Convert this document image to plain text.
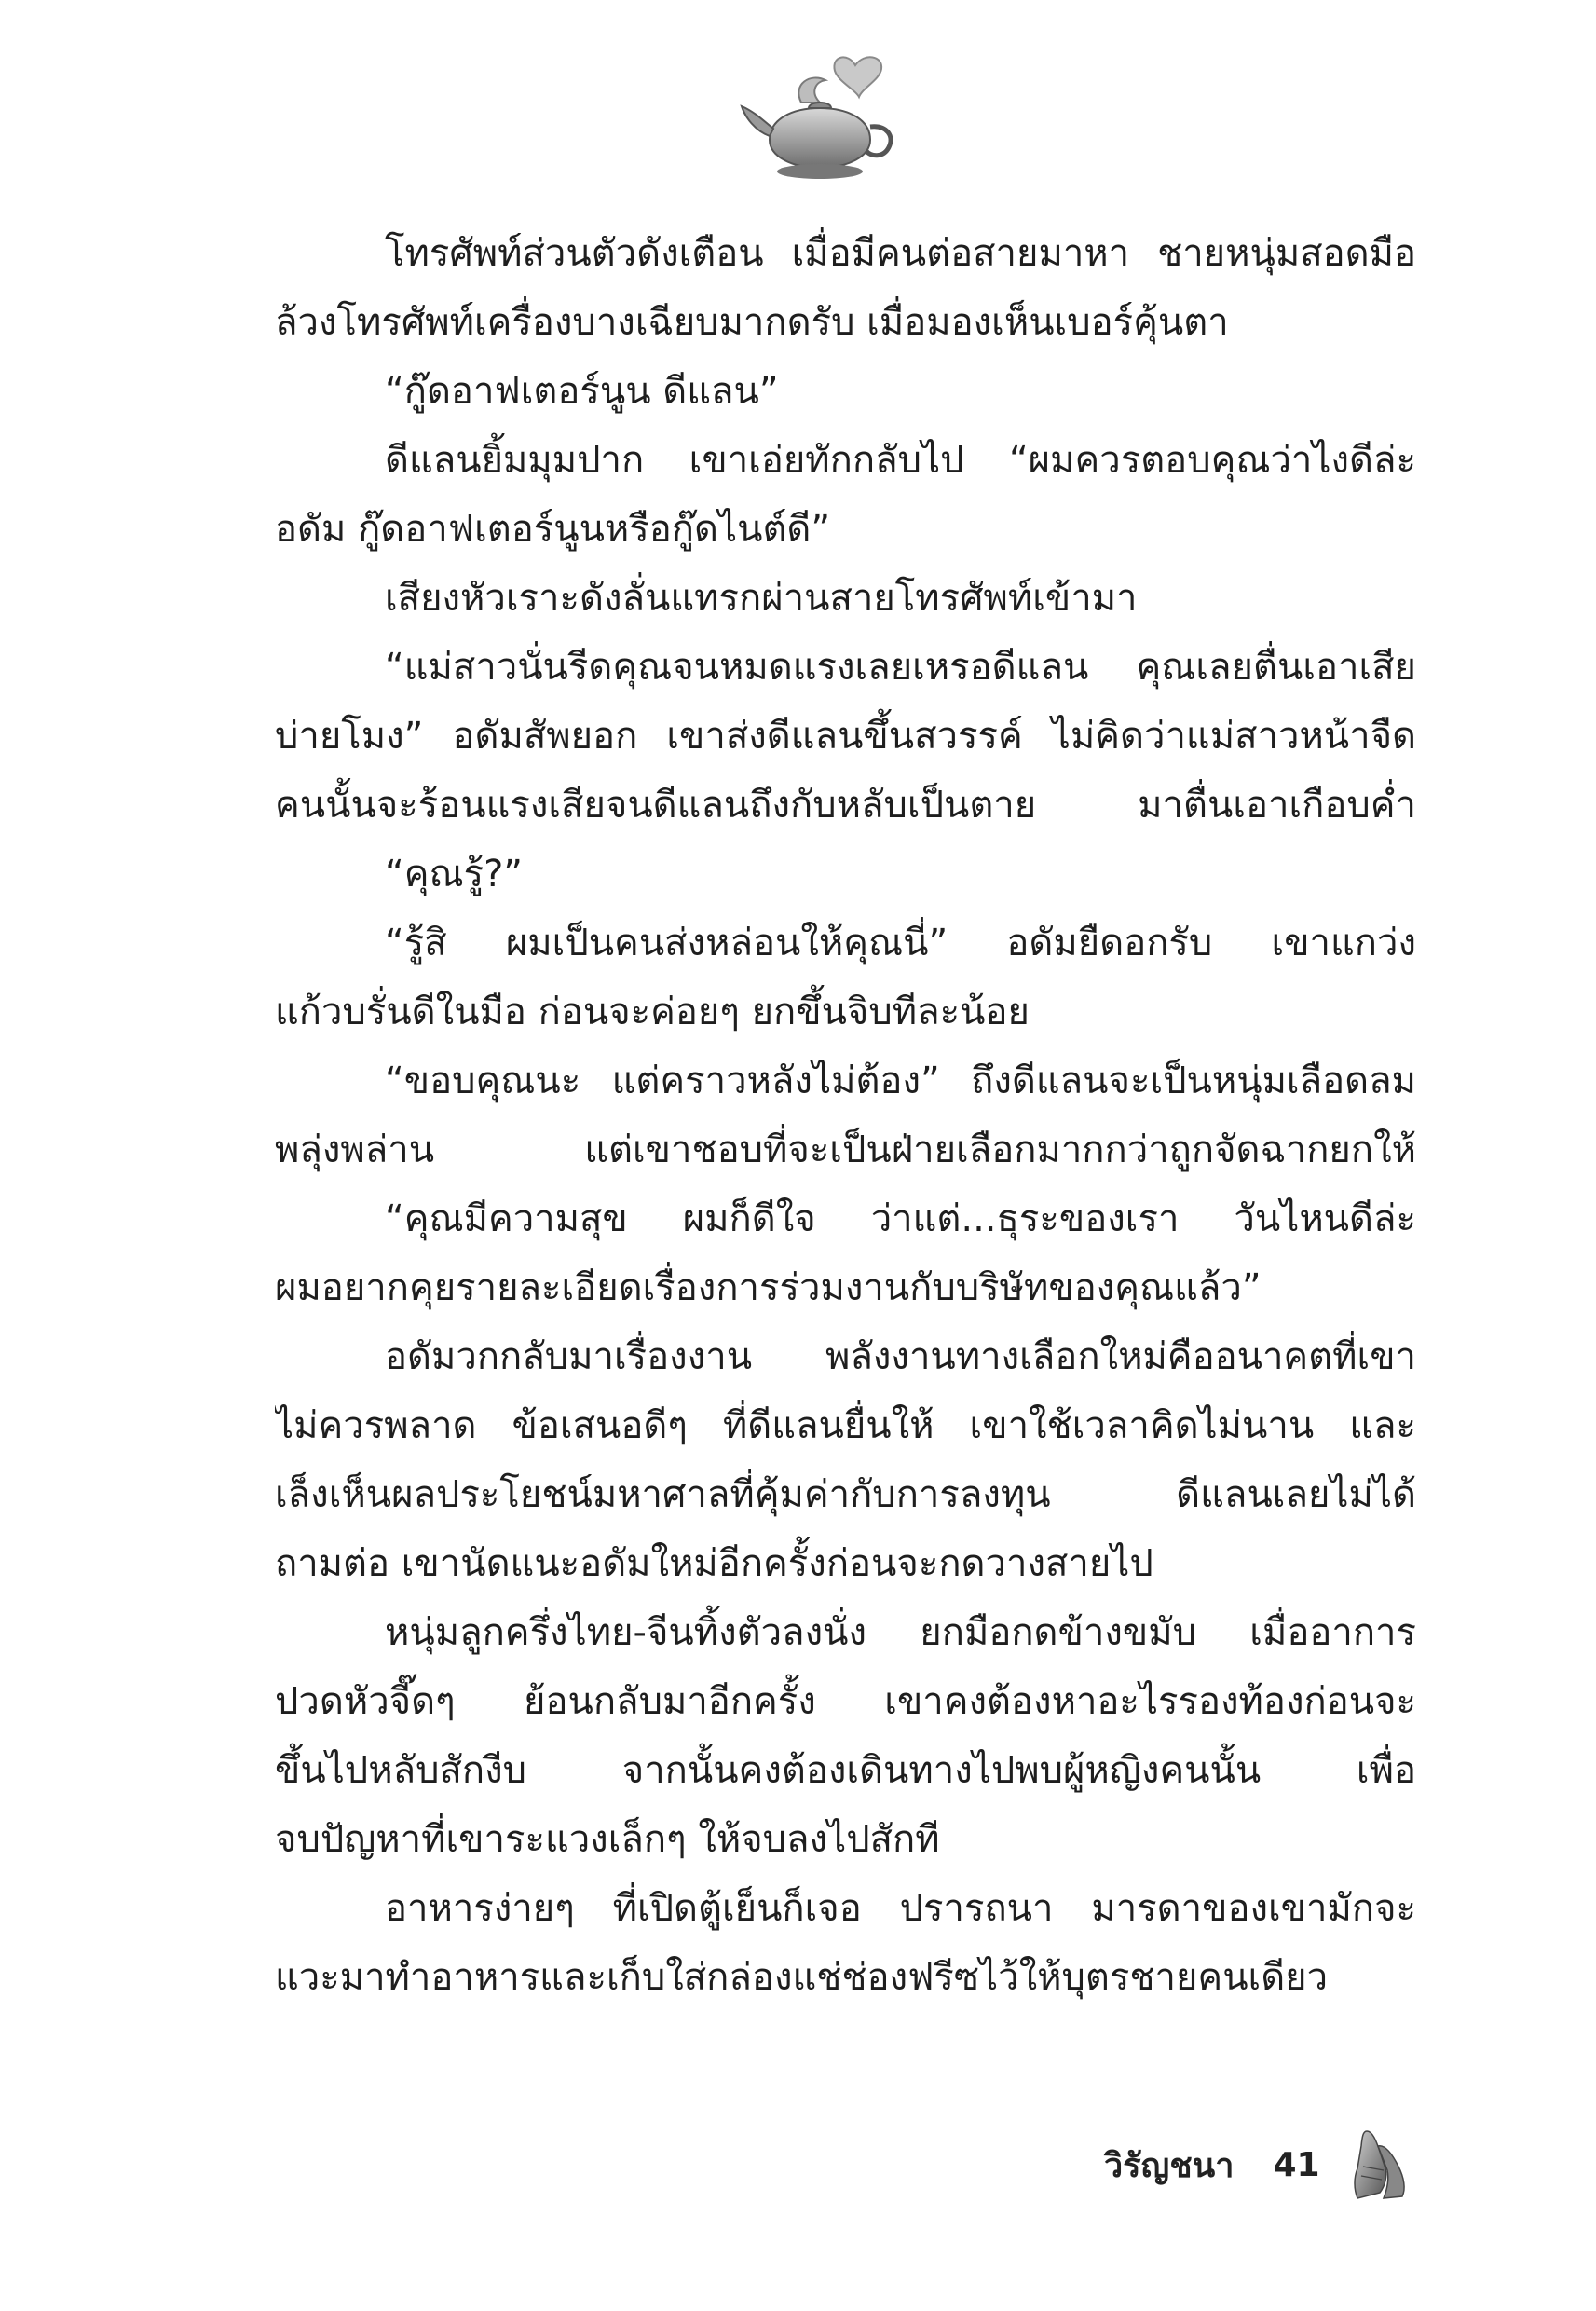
โทรศัพท์ส่วนตัวดังเตือน เมื่อมีคนต่อสายมาหา ชายหนุ่มสอดมือ
ล้วงโทรศัพท์เครื่องบางเฉียบมากดรับ เมื่อมองเห็นเบอร์คุ้นตา
“กู๊ดอาฟเตอร์นูน ดีแลน”
ดีแลนยิ้มมุมปาก เขาเอ่ยทักกลับไป “ผมควรตอบคุณว่าไงดีล่ะ
อดัม กู๊ดอาฟเตอร์นูนหรือกู๊ดไนต์ดี”
เสียงหัวเราะดังลั่นแทรกผ่านสายโทรศัพท์เข้ามา
“แม่สาวนั่นรีดคุณจนหมดแรงเลยเหรอดีแลน คุณเลยตื่นเอาเสีย
บ่ายโมง” อดัมสัพยอก เขาส่งดีแลนขึ้นสวรรค์ ไม่คิดว่าแม่สาวหน้าจืด
คนนั้นจะร้อนแรงเสียจนดีแลนถึงกับหลับเป็นตาย มาตื่นเอาเกือบค่ำ
“คุณรู้?”
“รู้สิ ผมเป็นคนส่งหล่อนให้คุณนี่” อดัมยืดอกรับ เขาแกว่ง
แก้วบรั่นดีในมือ ก่อนจะค่อยๆ ยกขึ้นจิบทีละน้อย
“ขอบคุณนะ แต่คราวหลังไม่ต้อง” ถึงดีแลนจะเป็นหนุ่มเลือดลม
พลุ่งพล่าน แต่เขาชอบที่จะเป็นฝ่ายเลือกมากกว่าถูกจัดฉากยกให้
“คุณมีความสุข ผมก็ดีใจ ว่าแต่...ธุระของเรา วันไหนดีล่ะ
ผมอยากคุยรายละเอียดเรื่องการร่วมงานกับบริษัทของคุณแล้ว”
อดัมวกกลับมาเรื่องงาน พลังงานทางเลือกใหม่คืออนาคตที่เขา
ไม่ควรพลาด ข้อเสนอดีๆ ที่ดีแลนยื่นให้ เขาใช้เวลาคิดไม่นาน และ
เล็งเห็นผลประโยชน์มหาศาลที่คุ้มค่ากับการลงทุน ดีแลนเลยไม่ได้
ถามต่อ เขานัดแนะอดัมใหม่อีกครั้งก่อนจะกดวางสายไป
หนุ่มลูกครึ่งไทย-จีนทิ้งตัวลงนั่ง ยกมือกดข้างขมับ เมื่ออาการ
ปวดหัวจี๊ดๆ ย้อนกลับมาอีกครั้ง เขาคงต้องหาอะไรรองท้องก่อนจะ
ขึ้นไปหลับสักงีบ จากนั้นคงต้องเดินทางไปพบผู้หญิงคนนั้น เพื่อ
จบปัญหาที่เขาระแวงเล็กๆ ให้จบลงไปสักที
อาหารง่ายๆ ที่เปิดตู้เย็นก็เจอ ปรารถนา มารดาของเขามักจะ
แวะมาทำอาหารและเก็บใส่กล่องแช่ช่องฟรีซไว้ให้บุตรชายคนเดียว
วิรัญชนา 41
